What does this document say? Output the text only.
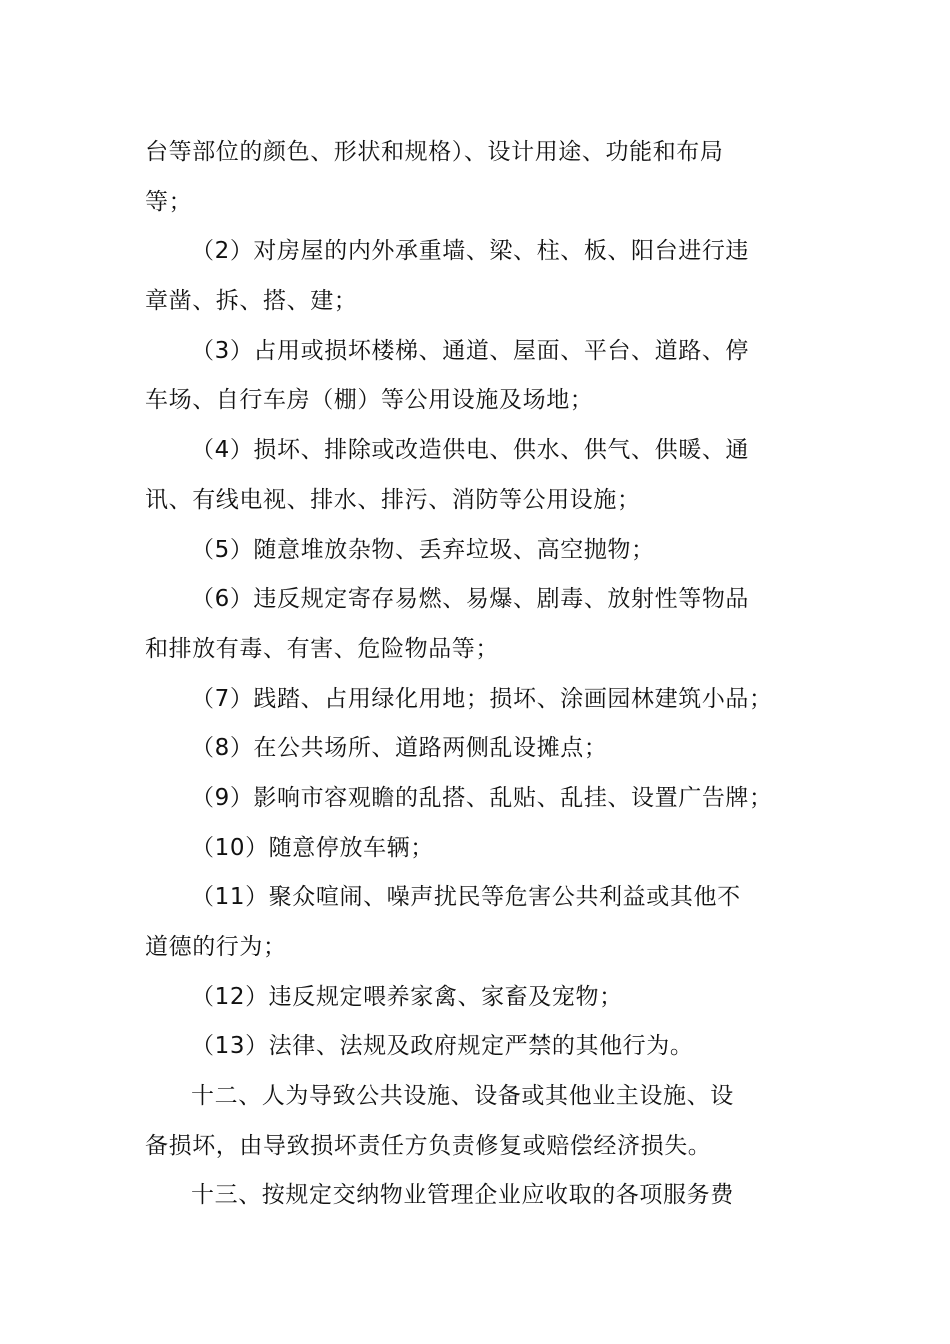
台等部位的颜色、形状和规格）、设计用途、功能和布局
等；
（2）对房屋的内外承重墙、梁、柱、板、阳台进行违
章凿、拆、搭、建；
（3）占用或损坏楼梯、通道、屋面、平台、道路、停
车场、自行车房（棚）等公用设施及场地；
（4）损坏、排除或改造供电、供水、供气、供暖、通
讯、有线电视、排水、排污、消防等公用设施；
（5）随意堆放杂物、丢弃垃圾、高空抛物；
（6）违反规定寄存易燃、易爆、剧毒、放射性等物品
和排放有毒、有害、危险物品等；
（7）践踏、占用绿化用地；损坏、涂画园林建筑小品；
（8）在公共场所、道路两侧乱设摊点；
（9）影响市容观瞻的乱搭、乱贴、乱挂、设置广告牌；
（10）随意停放车辆；
（11）聚众喧闹、噪声扰民等危害公共利益或其他不
道德的行为；
（12）违反规定喂养家禽、家畜及宠物；
（13）法律、法规及政府规定严禁的其他行为。
十二、人为导致公共设施、设备或其他业主设施、设
备损坏，由导致损坏责任方负责修复或赔偿经济损失。
十三、按规定交纳物业管理企业应收取的各项服务费
